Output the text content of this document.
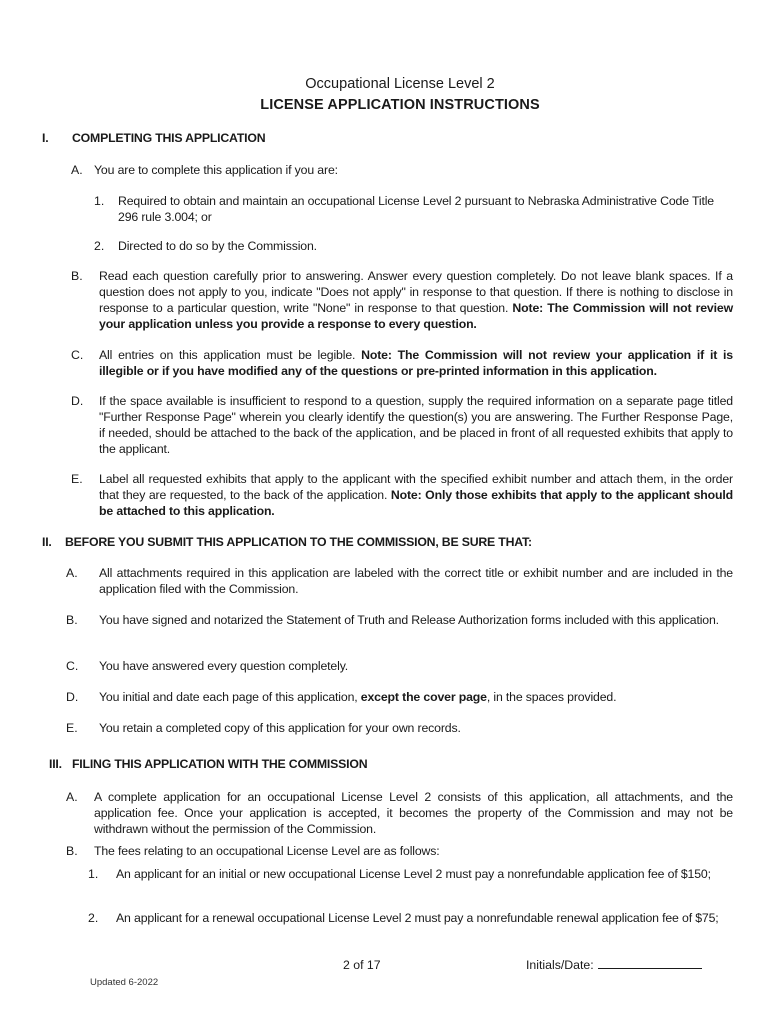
Occupational License Level 2
LICENSE APPLICATION INSTRUCTIONS
I. COMPLETING THIS APPLICATION
A. You are to complete this application if you are:
1. Required to obtain and maintain an occupational License Level 2 pursuant to Nebraska Administrative Code Title 296 rule 3.004; or
2. Directed to do so by the Commission.
B. Read each question carefully prior to answering. Answer every question completely. Do not leave blank spaces. If a question does not apply to you, indicate "Does not apply" in response to that question. If there is nothing to disclose in response to a particular question, write "None" in response to that question. Note: The Commission will not review your application unless you provide a response to every question.
C. All entries on this application must be legible. Note: The Commission will not review your application if it is illegible or if you have modified any of the questions or pre-printed information in this application.
D. If the space available is insufficient to respond to a question, supply the required information on a separate page titled "Further Response Page" wherein you clearly identify the question(s) you are answering. The Further Response Page, if needed, should be attached to the back of the application, and be placed in front of all requested exhibits that apply to the applicant.
E. Label all requested exhibits that apply to the applicant with the specified exhibit number and attach them, in the order that they are requested, to the back of the application. Note: Only those exhibits that apply to the applicant should be attached to this application.
II. BEFORE YOU SUBMIT THIS APPLICATION TO THE COMMISSION, BE SURE THAT:
A. All attachments required in this application are labeled with the correct title or exhibit number and are included in the application filed with the Commission.
B. You have signed and notarized the Statement of Truth and Release Authorization forms included with this application.
C. You have answered every question completely.
D. You initial and date each page of this application, except the cover page, in the spaces provided.
E. You retain a completed copy of this application for your own records.
III. FILING THIS APPLICATION WITH THE COMMISSION
A. A complete application for an occupational License Level 2 consists of this application, all attachments, and the application fee. Once your application is accepted, it becomes the property of the Commission and may not be withdrawn without the permission of the Commission.
B. The fees relating to an occupational License Level are as follows:
1. An applicant for an initial or new occupational License Level 2 must pay a nonrefundable application fee of $150;
2. An applicant for a renewal occupational License Level 2 must pay a nonrefundable renewal application fee of $75;
2 of 17	Initials/Date:
Updated 6-2022
